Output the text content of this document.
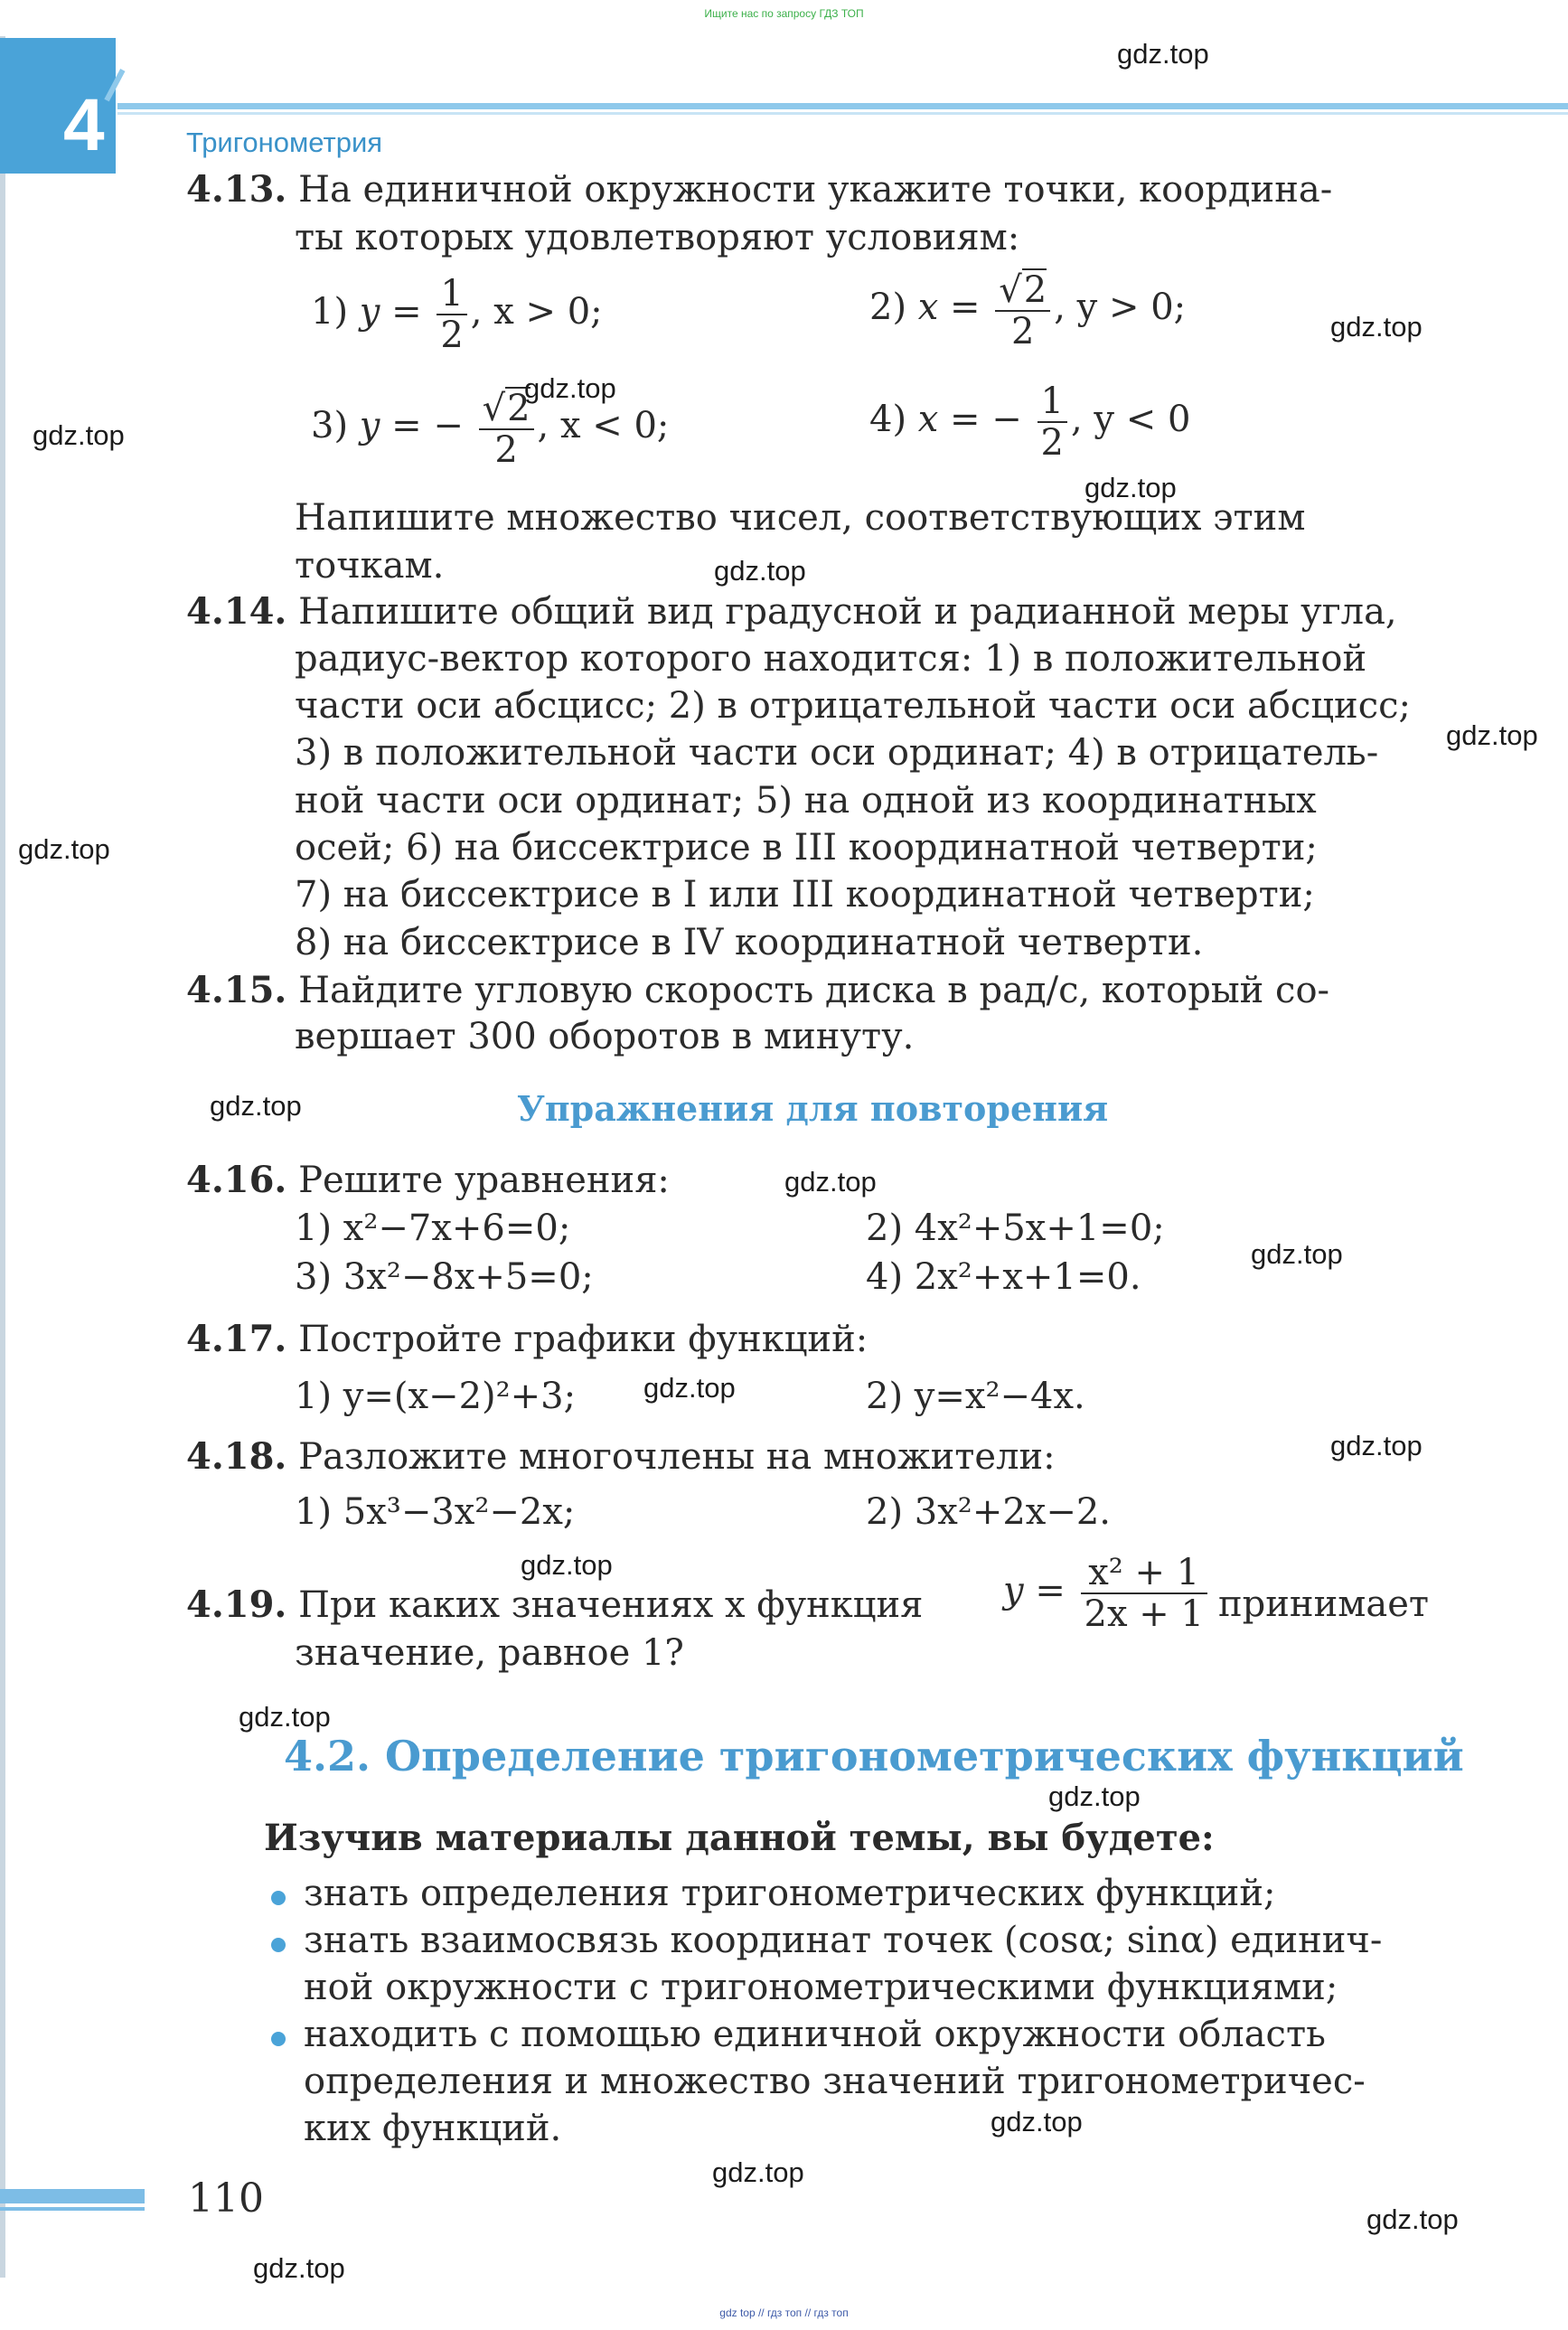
Ищите нас по запросу ГДЗ ТОП
4	Тригонометрия
4.13. На единичной окружности укажите точки, координа-
ты которых удовлетворяют условиям:
1) $y = \frac{1}{2}$ , x > 0;	2) $x = \frac{√2}{2}$ , y > 0;
3) y = − $\frac{√2}{2}$ , x < 0;	4) x = − $\frac{1}{2}$ , y < 0
Напишите множество чисел, соответствующих этим
точкам.
4.14. Напишите общий вид градусной и радианной меры угла,
радиус-вектор которого находится: 1) в положительной
части оси абсцисс; 2) в отрицательной части оси абсцисс;
3) в положительной части оси ординат; 4) в отрицатель-
ной части оси ординат; 5) на одной из координатных
осей; 6) на биссектрисе в III координатной четверти;
7) на биссектрисе в I или III координатной четверти;
8) на биссектрисе в IV координатной четверти.
4.15. Найдите угловую скорость диска в рад/с, который со-
вершает 300 оборотов в минуту.
Упражнения для повторения
4.16. Решите уравнения:
1) x²−7x+6=0;	2) 4x²+5x+1=0;
3) 3x²−8x+5=0;	4) 2x²+x+1=0.
4.17. Постройте графики функций:
1) y=(x−2)²+3;	2) y=x²−4x.
4.18. Разложите многочлены на множители:
1) 5x³−3x²−2x;	2) 3x²+2x−2.
4.19. При каких значениях x функция $y = \frac{\text{x² + 1}}{2x + 1}$ принимает
значение, равное 1?
4.2. Определение тригонометрических функций
Изучив материалы данной темы, вы будете:
знать определения тригонометрических функций;
знать взаимосвязь координат точек (cosα; sinα) единич-
ной окружности с тригонометрическими функциями;
находить с помощью единичной окружности область
определения и множество значений тригонометричес-
ких функций.
110
gdz top // гдз топ // гдз топ
gdz.top
gdz.top
gdz.top
gdz.top
gdz.top
gdz.top
gdz.top
gdz.top
gdz.top
gdz.top
gdz.top
gdz.top
gdz.top
gdz.top
gdz.top
gdz.top
gdz.top
gdz.top
gdz.top
gdz.top
